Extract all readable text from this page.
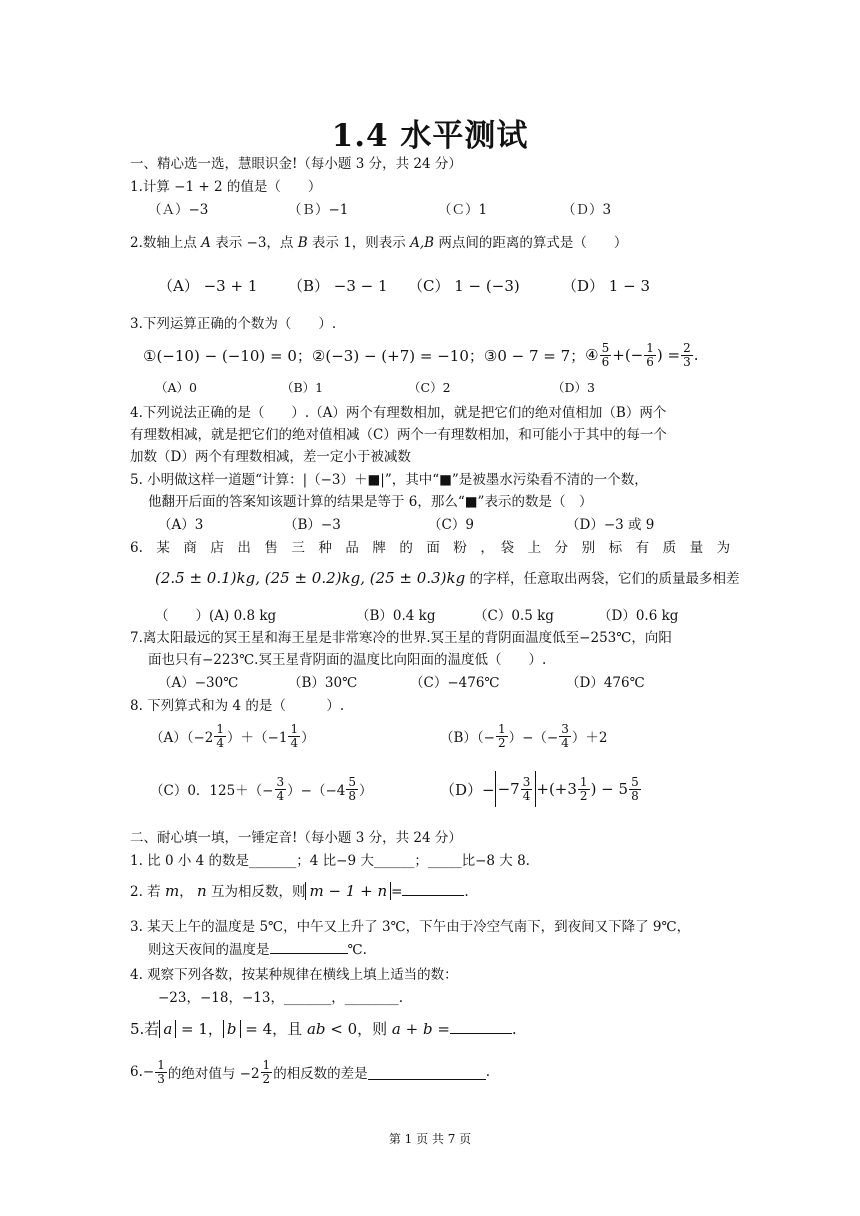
1.4 水平测试
一、精心选一选，慧眼识金!（每小题 3 分，共 24 分）
1.计算 −1 + 2 的值是（　　）
（Ａ）−3	（Ｂ）−1	（Ｃ）1	（Ｄ）3
2.数轴上点 A 表示 −3，点 B 表示 1，则表示 A,B 两点间的距离的算式是（　　）
（A） −3 + 1 （B） −3 − 1 （C） 1 − (−3)	（D） 1 − 3
3.下列运算正确的个数为（　　）.
①(−10) − (−10) = 0； ②(−3) − (+7) = −10； ③0 − 7 = 7； ④ $\frac{5}{6}$ +(− $\frac{1}{6}$ ) = $\frac{2}{3}$ .
（A）0	（B）1	（C）2	（D）3
4.下列说法正确的是（　　）.（A）两个有理数相加，就是把它们的绝对值相加（B）两个
有理数相减，就是把它们的绝对值相减（C）两个一有理数相加，和可能小于其中的每一个
加数（D）两个有理数相减，差一定小于被减数
5. 小明做这样一道题“计算：|（−3）＋■|”，其中“■”是被墨水污染看不清的一个数，
他翻开后面的答案知该题计算的结果是等于 6，那么“■”表示的数是（　）
（A）3	（B）−3	（C）9	（D）−3 或 9
6.　某　商　店　出　售　三　种　品　牌　的　面　粉　，　袋　上　分　别　标　有　质　量　为
(2.5 ± 0.1)kg, (25 ± 0.2)kg, (25 ± 0.3)kg 的字样，任意取出两袋，它们的质量最多相差
（　　）(A) 0.8 kg	（B）0.4 kg	（C）0.5 kg	（D）0.6 kg
7.离太阳最远的冥王星和海王星是非常寒冷的世界.冥王星的背阴面温度低至−253℃，向阳
面也只有−223℃.冥王星背阴面的温度比向阳面的温度低（　　）.
（A）−30℃	（B）30℃	（C）−476℃	（D）476℃
8. 下列算式和为 4 的是（　　　）.
$(A)(-2 \frac{1}{4} )+(-1 \frac{1}{4}$ ）	$(B)(- \frac{1}{2}$ ）−（− $\frac{3}{4} )+2$
（C）0．$125+(- \frac{3}{4} )-(-4 \frac{5}{8}$ ）	$(D)- -7 \frac{3}{4} +(+3 \frac{1}{2}$ ) − $5 \frac{5}{8}$
二、耐心填一填，一锤定音!（每小题 3 分，共 24 分）
1. 比 0 小 4 的数是_______；4 比−9 大______；_____比−8 大 8.
2. 若 m， n 互为相反数，则 m − 1 + n =	.
3. 某天上午的温度是 5℃，中午又上升了 3℃，下午由于冷空气南下，到夜间又下降了 9℃，
则这天夜间的温度是	℃.
4. 观察下列各数，按某种规律在横线上填上适当的数：
−23，−18，−13，_______，________.
5.若 a = 1， b = 4，且 ab < 0，则 a + b =	.
$6.- \frac{1}{3}$ 的绝对值与 $-2 \frac{1}{2}$ 的相反数的差是	.
第 1 页 共 7 页
